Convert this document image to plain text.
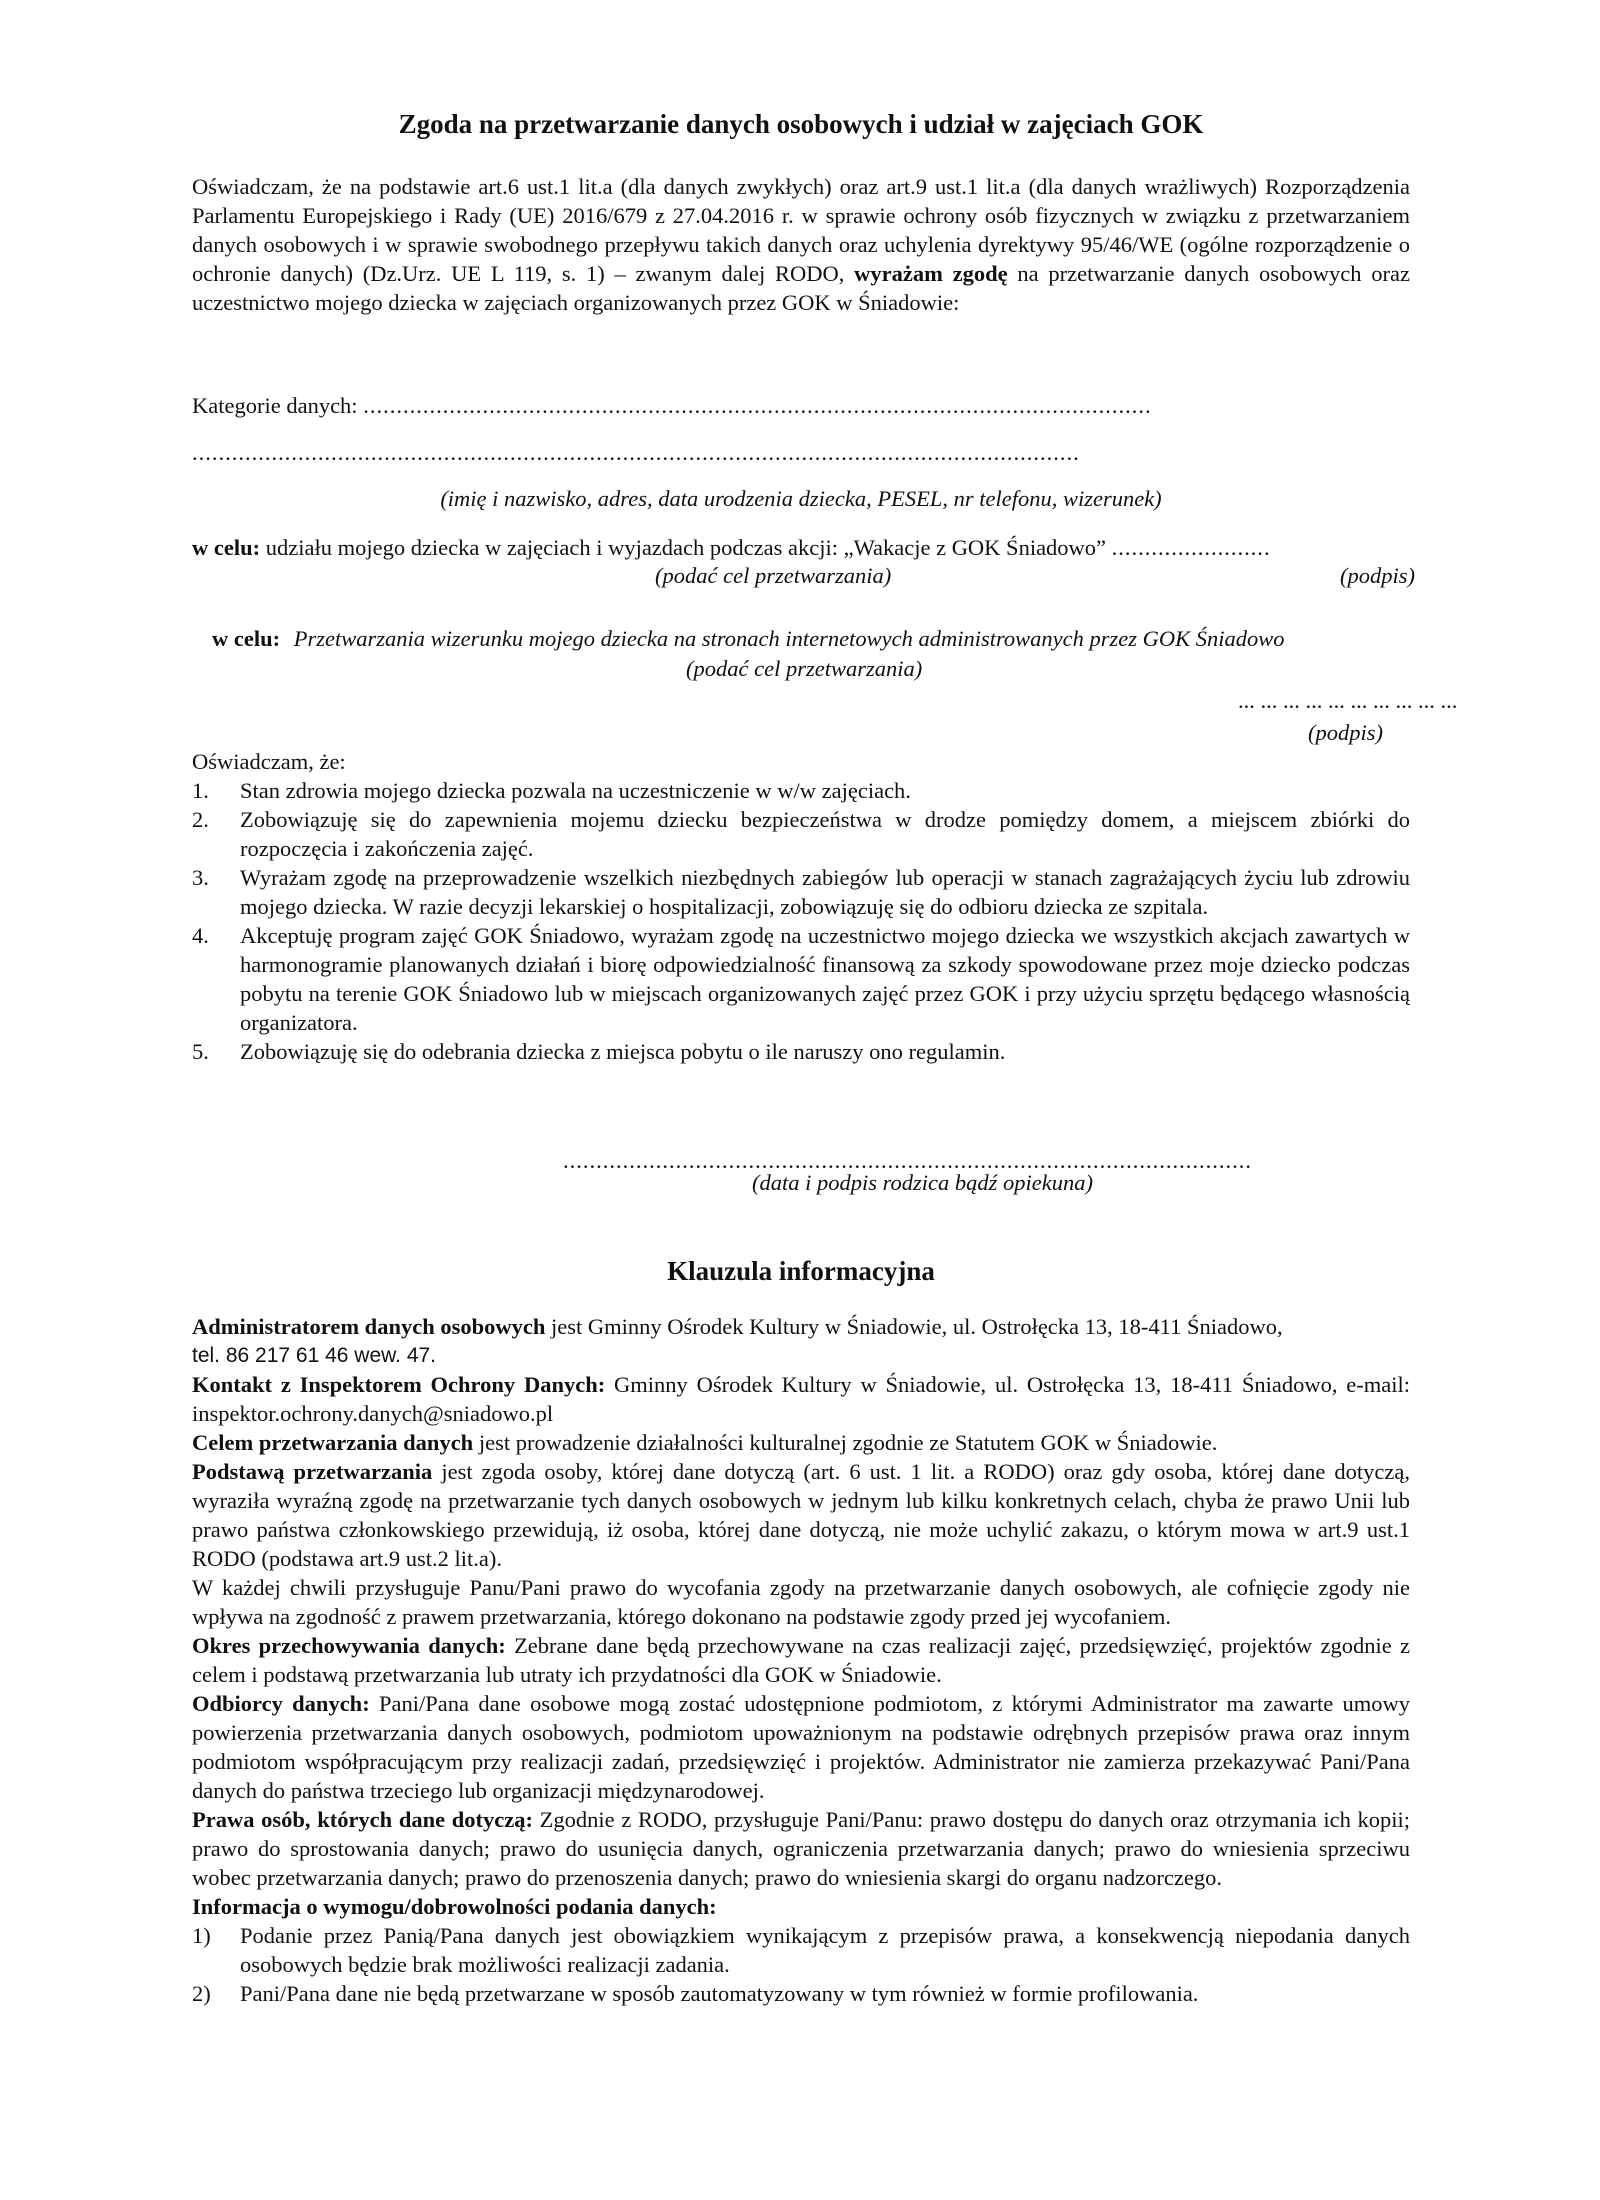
Zgoda na przetwarzanie danych osobowych i udział w zajęciach GOK
Oświadczam, że na podstawie art.6 ust.1 lit.a (dla danych zwykłych) oraz art.9 ust.1 lit.a (dla danych wrażliwych) Rozporządzenia Parlamentu Europejskiego i Rady (UE) 2016/679 z 27.04.2016 r. w sprawie ochrony osób fizycznych w związku z przetwarzaniem danych osobowych i w sprawie swobodnego przepływu takich danych oraz uchylenia dyrektywy 95/46/WE (ogólne rozporządzenie o ochronie danych) (Dz.Urz. UE L 119, s. 1) – zwanym dalej RODO, wyrażam zgodę na przetwarzanie danych osobowych oraz uczestnictwo mojego dziecka w zajęciach organizowanych przez GOK w Śniadowie:
Kategorie danych: .......................................................................................................................
......................................................................................................................................
(imię i nazwisko, adres, data urodzenia dziecka, PESEL, nr telefonu, wizerunek)
w celu: udziału mojego dziecka w zajęciach i wyjazdach podczas akcji: „Wakacje z GOK Śniadowo” ........................
(podać cel przetwarzania)	(podpis)
w celu: Przetwarzania wizerunku mojego dziecka na stronach internetowych administrowanych przez GOK Śniadowo
(podać cel przetwarzania)
... ... ... ... ... ... ... ... ... ...
(podpis)
Oświadczam, że:
1. Stan zdrowia mojego dziecka pozwala na uczestniczenie w w/w zajęciach.
2. Zobowiązuję się do zapewnienia mojemu dziecku bezpieczeństwa w drodze pomiędzy domem, a miejscem zbiórki do rozpoczęcia i zakończenia zajęć.
3. Wyrażam zgodę na przeprowadzenie wszelkich niezbędnych zabiegów lub operacji w stanach zagrażających życiu lub zdrowiu mojego dziecka. W razie decyzji lekarskiej o hospitalizacji, zobowiązuję się do odbioru dziecka ze szpitala.
4. Akceptuję program zajęć GOK Śniadowo, wyrażam zgodę na uczestnictwo mojego dziecka we wszystkich akcjach zawartych w harmonogramie planowanych działań i biorę odpowiedzialność finansową za szkody spowodowane przez moje dziecko podczas pobytu na terenie GOK Śniadowo lub w miejscach organizowanych zajęć przez GOK i przy użyciu sprzętu będącego własnością organizatora.
5. Zobowiązuję się do odebrania dziecka z miejsca pobytu o ile naruszy ono regulamin.
........................................................................................................
(data i podpis rodzica bądź opiekuna)
Klauzula informacyjna
Administratorem danych osobowych jest Gminny Ośrodek Kultury w Śniadowie, ul. Ostrołęcka 13, 18-411 Śniadowo,
tel. 86 217 61 46 wew. 47.
Kontakt z Inspektorem Ochrony Danych: Gminny Ośrodek Kultury w Śniadowie, ul. Ostrołęcka 13, 18-411 Śniadowo, e-mail: inspektor.ochrony.danych@sniadowo.pl
Celem przetwarzania danych jest prowadzenie działalności kulturalnej zgodnie ze Statutem GOK w Śniadowie.
Podstawą przetwarzania jest zgoda osoby, której dane dotyczą (art. 6 ust. 1 lit. a RODO) oraz gdy osoba, której dane dotyczą, wyraziła wyraźną zgodę na przetwarzanie tych danych osobowych w jednym lub kilku konkretnych celach, chyba że prawo Unii lub prawo państwa członkowskiego przewidują, iż osoba, której dane dotyczą, nie może uchylić zakazu, o którym mowa w art.9 ust.1 RODO (podstawa art.9 ust.2 lit.a).
W każdej chwili przysługuje Panu/Pani prawo do wycofania zgody na przetwarzanie danych osobowych, ale cofnięcie zgody nie wpływa na zgodność z prawem przetwarzania, którego dokonano na podstawie zgody przed jej wycofaniem.
Okres przechowywania danych: Zebrane dane będą przechowywane na czas realizacji zajęć, przedsięwzięć, projektów zgodnie z celem i podstawą przetwarzania lub utraty ich przydatności dla GOK w Śniadowie.
Odbiorcy danych: Pani/Pana dane osobowe mogą zostać udostępnione podmiotom, z którymi Administrator ma zawarte umowy powierzenia przetwarzania danych osobowych, podmiotom upoważnionym na podstawie odrębnych przepisów prawa oraz innym podmiotom współpracującym przy realizacji zadań, przedsięwzięć i projektów. Administrator nie zamierza przekazywać Pani/Pana danych do państwa trzeciego lub organizacji międzynarodowej.
Prawa osób, których dane dotyczą: Zgodnie z RODO, przysługuje Pani/Panu: prawo dostępu do danych oraz otrzymania ich kopii; prawo do sprostowania danych; prawo do usunięcia danych, ograniczenia przetwarzania danych; prawo do wniesienia sprzeciwu wobec przetwarzania danych; prawo do przenoszenia danych; prawo do wniesienia skargi do organu nadzorczego.
Informacja o wymogu/dobrowolności podania danych:
1) Podanie przez Panią/Pana danych jest obowiązkiem wynikającym z przepisów prawa, a konsekwencją niepodania danych osobowych będzie brak możliwości realizacji zadania.
2) Pani/Pana dane nie będą przetwarzane w sposób zautomatyzowany w tym również w formie profilowania.
